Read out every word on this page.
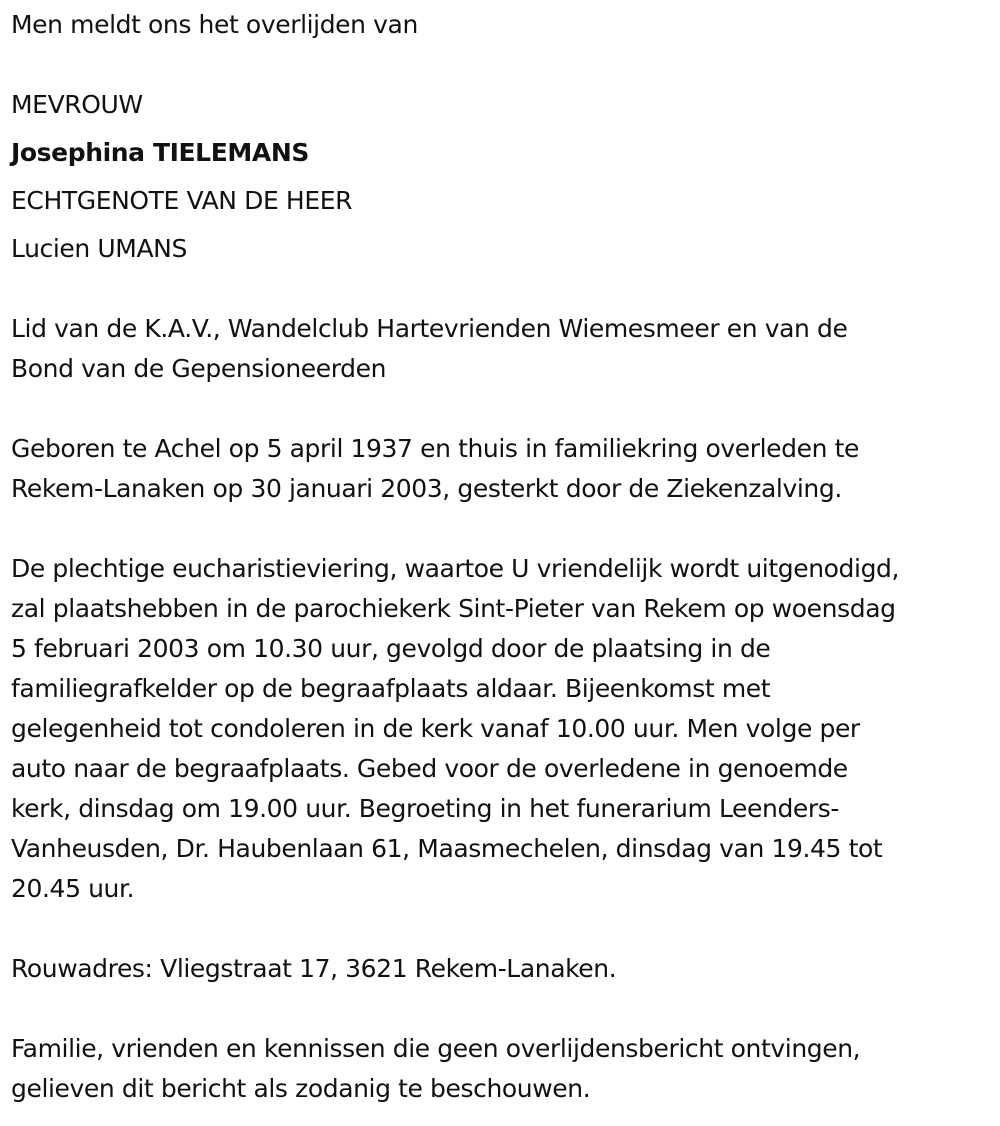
Men meldt ons het overlijden van
MEVROUW
Josephina TIELEMANS
ECHTGENOTE VAN DE HEER
Lucien UMANS
Lid van de K.A.V., Wandelclub Hartevrienden Wiemesmeer en van de
Bond van de Gepensioneerden
Geboren te Achel op 5 april 1937 en thuis in familiekring overleden te
Rekem-Lanaken op 30 januari 2003, gesterkt door de Ziekenzalving.
De plechtige eucharistieviering, waartoe U vriendelijk wordt uitgenodigd,
zal plaatshebben in de parochiekerk Sint-Pieter van Rekem op woensdag
5 februari 2003 om 10.30 uur, gevolgd door de plaatsing in de
familiegrafkelder op de begraafplaats aldaar. Bijeenkomst met
gelegenheid tot condoleren in de kerk vanaf 10.00 uur. Men volge per
auto naar de begraafplaats. Gebed voor de overledene in genoemde
kerk, dinsdag om 19.00 uur. Begroeting in het funerarium Leenders-
Vanheusden, Dr. Haubenlaan 61, Maasmechelen, dinsdag van 19.45 tot
20.45 uur.
Rouwadres: Vliegstraat 17, 3621 Rekem-Lanaken.
Familie, vrienden en kennissen die geen overlijdensbericht ontvingen,
gelieven dit bericht als zodanig te beschouwen.
